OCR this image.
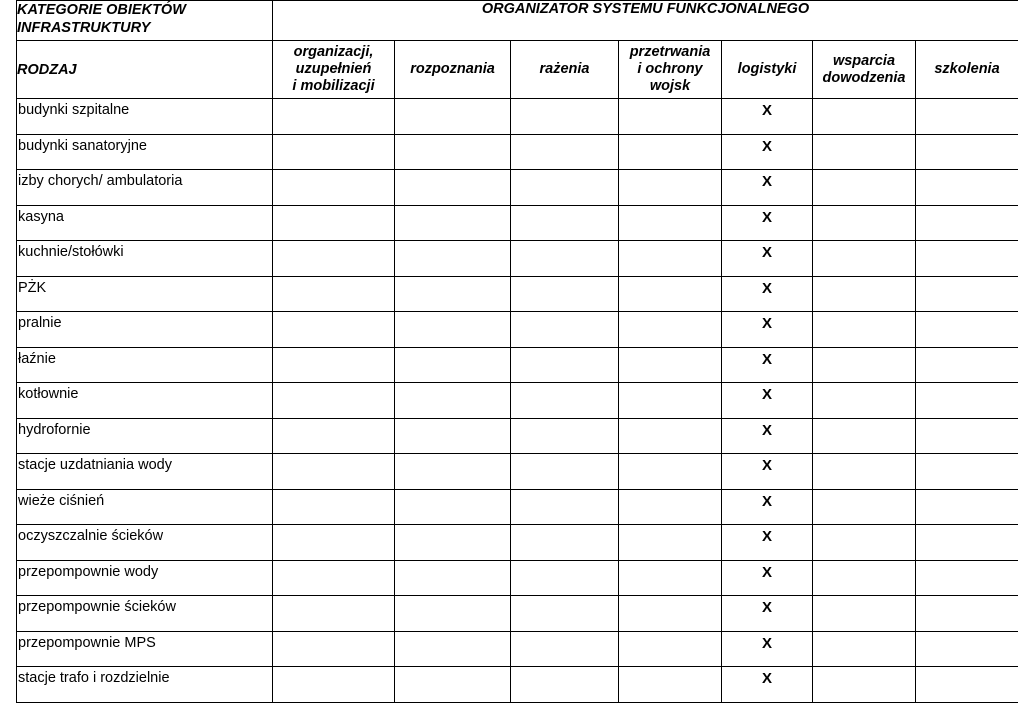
KATEGORIE OBIEKTÓW
INFRASTRUKTURY	ORGANIZATOR SYSTEMU FUNKCJONALNEGO						
RODZAJ	organizacji,
uzupełnień
i mobilizacji	rozpoznania	rażenia	przetrwania
i ochrony
wojsk	logistyki	wsparcia
dowodzenia	szkolenia

budynki szpitalne					X		
budynki sanatoryjne					X		
izby chorych/ ambulatoria					X		
kasyna					X		
kuchnie/stołówki					X		
PŻK					X		
pralnie					X		
łaźnie					X		
kotłownie					X		
hydrofornie					X		
stacje uzdatniania wody					X		
wieże ciśnień					X		
oczyszczalnie ścieków					X		
przepompownie wody					X		
przepompownie ścieków					X		
przepompownie MPS					X		
stacje trafo i rozdzielnie					X		
